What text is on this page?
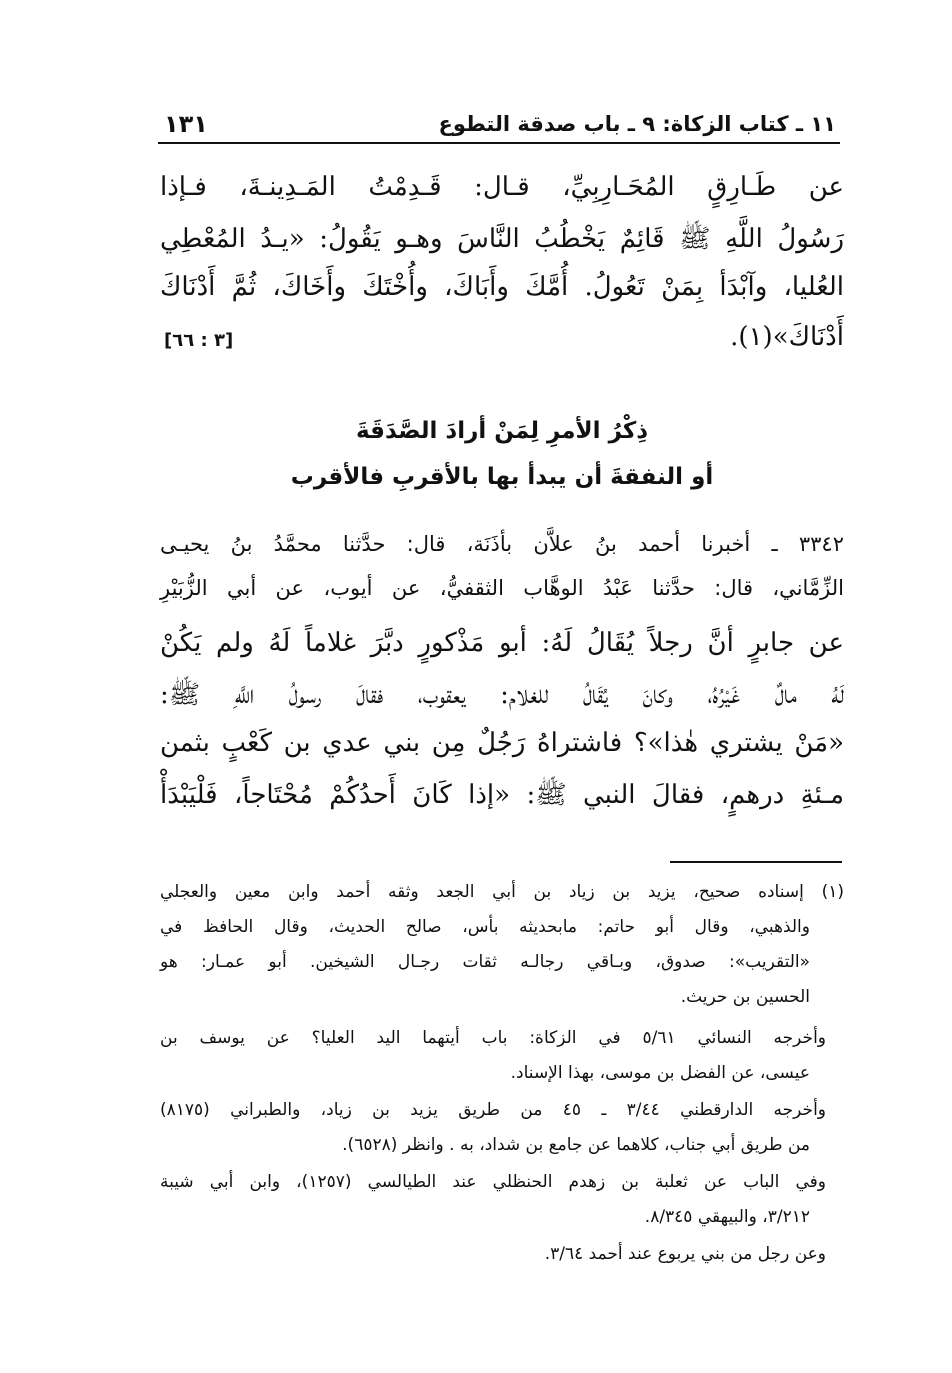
١١ ـ كتاب الزكاة: ٩ ـ باب صدقة التطوع
١٣١
عن طَـارِقٍ المُحَـارِبِيِّ، قـال: قَـدِمْتُ المَـدِينـةَ، فـإذا
رَسُولُ اللَّهِ ﷺ قَائِمٌ يَخْطُبُ النَّاسَ وهـو يَقُولُ: «يـدُ المُعْطِي
العُليا، وآبْدَأ بِمَنْ تَعُولُ. أُمَّكَ وأَبَاكَ، وأُخْتَكَ وأَخَاكَ، ثُمَّ أَدْنَاكَ
أَدْنَاكَ»(١).
[٣ : ٦٦]
ذِكْرُ الأمرِ لِمَنْ أرادَ الصَّدَقَةَ
أو النفقةَ أن يبدأ بها بالأقربِ فالأقرب
٣٣٤٢ ـ أخبرنا أحمد بنُ علاَّن بأذَنَة، قال: حدَّثنا محمَّدُ بنُ يحيـى
الزِّمَّاني، قال: حدَّثنا عَبْدُ الوهَّاب الثقفيُّ، عن أيوب، عن أبي الزُّبَيْرِ
عن جابرٍ أنَّ رجلاً يُقَالُ لَهُ: أبو مَذْكورٍ دبَّرَ غلاماً لَهُ ولم يَكُنْ
لَهُ مالٌ غَيْرُهُ، وكانَ يُقَالُ للغلام: يعقوب، فقالَ رسولُ اللَّهِ ﷺ:
«مَنْ يشتري هٰذا»؟ فاشتراهُ رَجُلٌ مِن بني عدي بن كَعْبٍ بثمن
مـئةِ درهمٍ، فقالَ النبي ﷺ: «إذا كَانَ أَحدُكُمْ مُحْتَاجاً، فَلْيَبْدَأْ
(١) إسناده صحيح، يزيد بن زياد بن أبي الجعد وثقه أحمد وابن معين والعجلي
والذهبي، وقال أبو حاتم: مابحديثه بأس، صالح الحديث، وقال الحافظ في
«التقريب»: صدوق، وبـاقي رجالـه ثقات رجـال الشيخين. أبو عمـار: هو
الحسين بن حريث.
وأخرجه النسائي ٥/٦١ في الزكاة: باب أيتهما اليد العليا؟ عن يوسف بن
عيسى، عن الفضل بن موسى، بهذا الإسناد.
وأخرجه الدارقطني ٣/٤٤ ـ ٤٥ من طريق يزيد بن زياد، والطبراني (٨١٧٥)
من طريق أبي جناب، كلاهما عن جامع بن شداد، به . وانظر (٦٥٢٨).
وفي الباب عن ثعلبة بن زهدم الحنظلي عند الطيالسي (١٢٥٧)، وابن أبي شيبة
٣/٢١٢، والبيهقي ٨/٣٤٥.
وعن رجل من بني يربوع عند أحمد ٣/٦٤.
